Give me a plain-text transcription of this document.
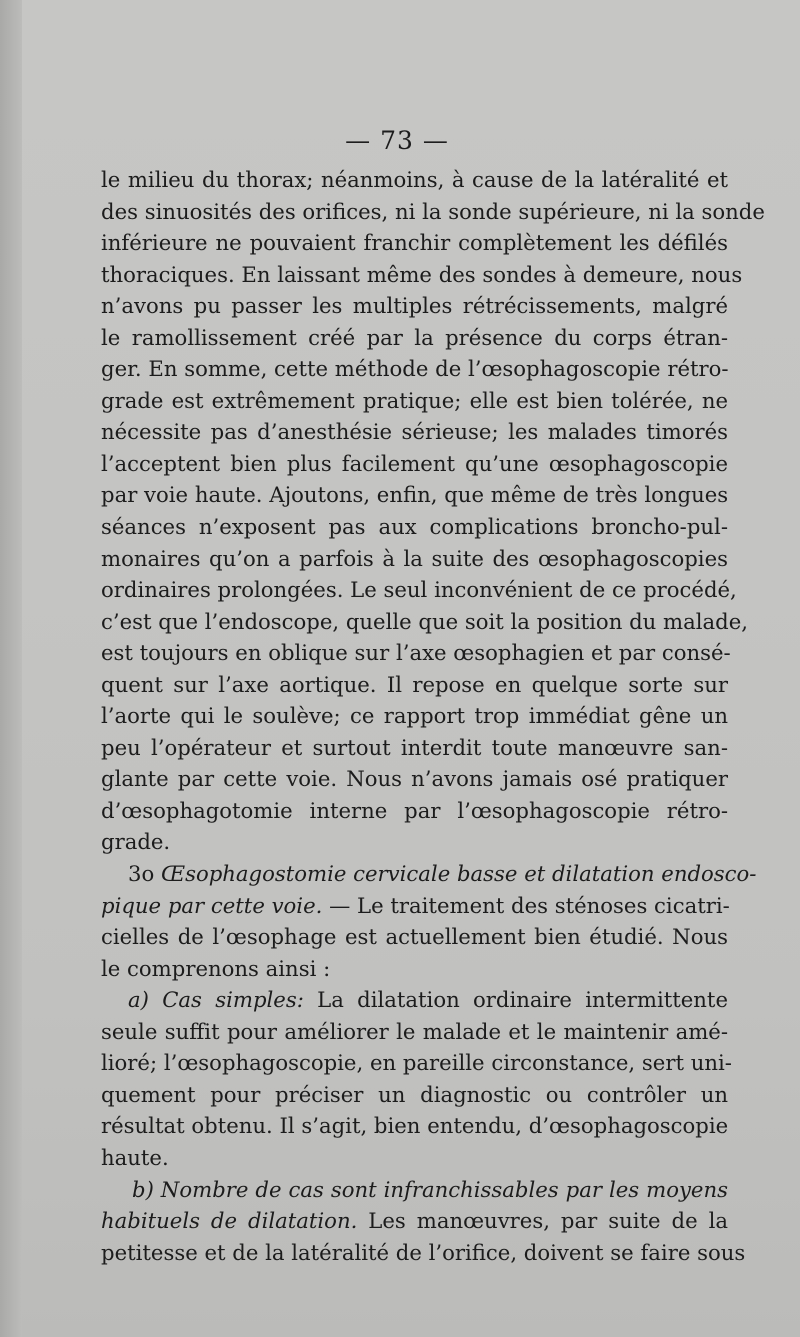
— 73 —
le milieu du thorax; néanmoins, à cause de la latéralité et
des sinuosités des orifices, ni la sonde supérieure, ni la sonde
inférieure ne pouvaient franchir complètement les défilés
thoraciques. En laissant même des sondes à demeure, nous
n’avons pu passer les multiples rétrécissements, malgré
le ramollissement créé par la présence du corps étran-
ger. En somme, cette méthode de l’œsophagoscopie rétro-
grade est extrêmement pratique; elle est bien tolérée, ne
nécessite pas d’anesthésie sérieuse; les malades timorés
l’acceptent bien plus facilement qu’une œsophagoscopie
par voie haute. Ajoutons, enfin, que même de très longues
séances n’exposent pas aux complications broncho-pul-
monaires qu’on a parfois à la suite des œsophagoscopies
ordinaires prolongées. Le seul inconvénient de ce procédé,
c’est que l’endoscope, quelle que soit la position du malade,
est toujours en oblique sur l’axe œsophagien et par consé-
quent sur l’axe aortique. Il repose en quelque sorte sur
l’aorte qui le soulève; ce rapport trop immédiat gêne un
peu l’opérateur et surtout interdit toute manœuvre san-
glante par cette voie. Nous n’avons jamais osé pratiquer
d’œsophagotomie interne par l’œsophagoscopie rétro-
grade.
3o Œsophagostomie cervicale basse et dilatation endosco-
pique par cette voie. — Le traitement des sténoses cicatri-
cielles de l’œsophage est actuellement bien étudié. Nous
le comprenons ainsi :
a) Cas simples: La dilatation ordinaire intermittente
seule suffit pour améliorer le malade et le maintenir amé-
lioré; l’œsophagoscopie, en pareille circonstance, sert uni-
quement pour préciser un diagnostic ou contrôler un
résultat obtenu. Il s’agit, bien entendu, d’œsophagoscopie
haute.
b) Nombre de cas sont infranchissables par les moyens
habituels de dilatation. Les manœuvres, par suite de la
petitesse et de la latéralité de l’orifice, doivent se faire sous
